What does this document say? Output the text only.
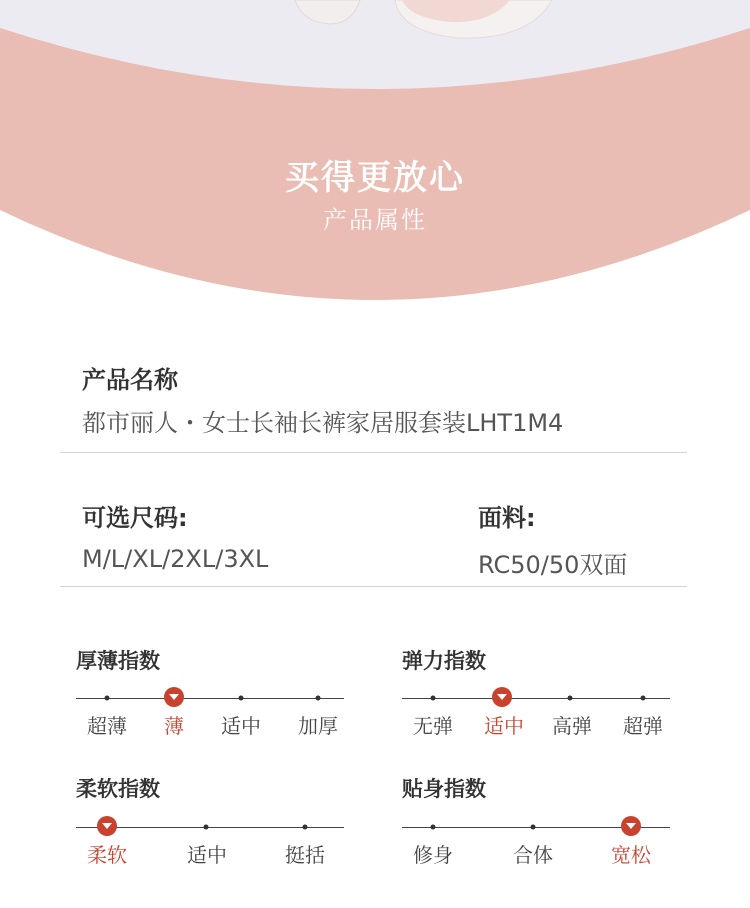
买得更放心
产品属性
产品名称
都市丽人・女士长袖长裤家居服套装LHT1M4
可选尺码:
M/L/XL/2XL/3XL
面料:
RC50/50双面
厚薄指数
超薄 薄 适中 加厚
弹力指数
无弹 适中 高弹 超弹
柔软指数
柔软	适中	挺括
贴身指数
修身	合体	宽松
